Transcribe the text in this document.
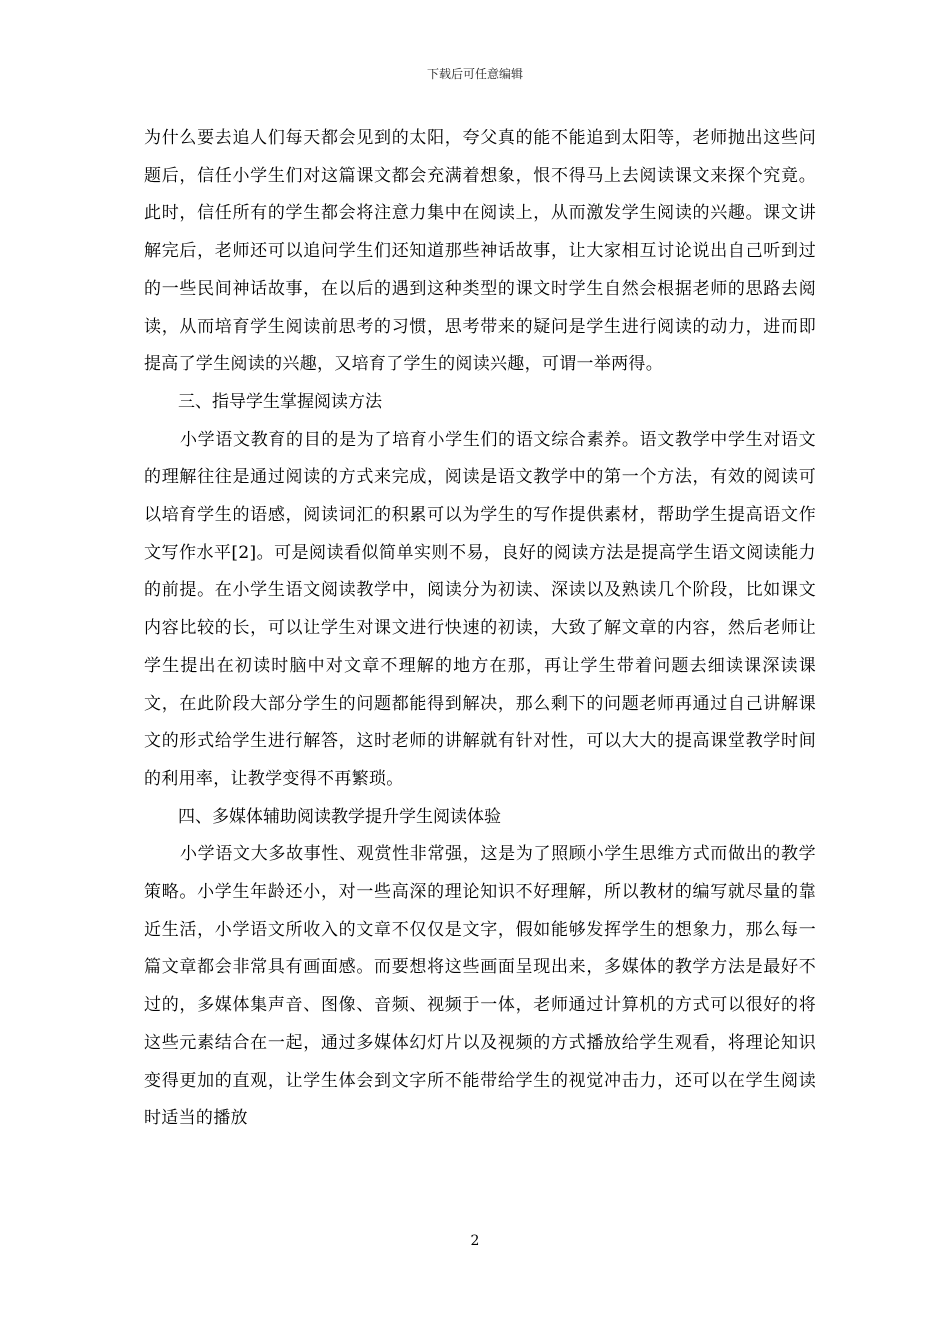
下载后可任意编辑

为什么要去追人们每天都会见到的太阳，夸父真的能不能追到太阳等，老师抛出这些问题后，信任小学生们对这篇课文都会充满着想象，恨不得马上去阅读课文来探个究竟。此时，信任所有的学生都会将注意力集中在阅读上，从而激发学生阅读的兴趣。课文讲解完后，老师还可以追问学生们还知道那些神话故事，让大家相互讨论说出自己听到过的一些民间神话故事，在以后的遇到这种类型的课文时学生自然会根据老师的思路去阅读，从而培育学生阅读前思考的习惯，思考带来的疑问是学生进行阅读的动力，进而即提高了学生阅读的兴趣，又培育了学生的阅读兴趣，可谓一举两得。

三、指导学生掌握阅读方法

小学语文教育的目的是为了培育小学生们的语文综合素养。语文教学中学生对语文的理解往往是通过阅读的方式来完成，阅读是语文教学中的第一个方法，有效的阅读可以培育学生的语感，阅读词汇的积累可以为学生的写作提供素材，帮助学生提高语文作文写作水平[2]。可是阅读看似简单实则不易，良好的阅读方法是提高学生语文阅读能力的前提。在小学生语文阅读教学中，阅读分为初读、深读以及熟读几个阶段，比如课文内容比较的长，可以让学生对课文进行快速的初读，大致了解文章的内容，然后老师让学生提出在初读时脑中对文章不理解的地方在那，再让学生带着问题去细读课深读课文，在此阶段大部分学生的问题都能得到解决，那么剩下的问题老师再通过自己讲解课文的形式给学生进行解答，这时老师的讲解就有针对性，可以大大的提高课堂教学时间的利用率，让教学变得不再繁琐。

四、多媒体辅助阅读教学提升学生阅读体验

小学语文大多故事性、观赏性非常强，这是为了照顾小学生思维方式而做出的教学策略。小学生年龄还小，对一些高深的理论知识不好理解，所以教材的编写就尽量的靠近生活，小学语文所收入的文章不仅仅是文字，假如能够发挥学生的想象力，那么每一篇文章都会非常具有画面感。而要想将这些画面呈现出来，多媒体的教学方法是最好不过的，多媒体集声音、图像、音频、视频于一体，老师通过计算机的方式可以很好的将这些元素结合在一起，通过多媒体幻灯片以及视频的方式播放给学生观看，将理论知识变得更加的直观，让学生体会到文字所不能带给学生的视觉冲击力，还可以在学生阅读时适当的播放

2
